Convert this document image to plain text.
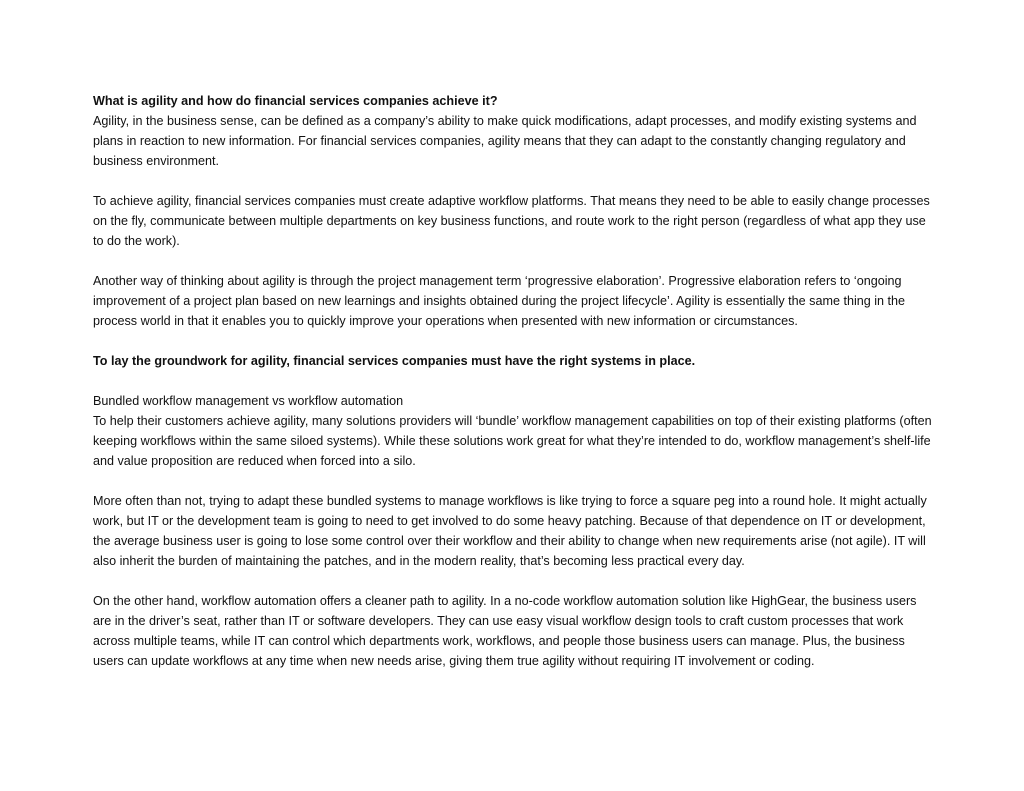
What is agility and how do financial services companies achieve it?

Agility, in the business sense, can be defined as a company’s ability to make quick modifications, adapt processes, and modify existing systems and plans in reaction to new information. For financial services companies, agility means that they can adapt to the constantly changing regulatory and business environment.

To achieve agility, financial services companies must create adaptive workflow platforms. That means they need to be able to easily change processes on the fly, communicate between multiple departments on key business functions, and route work to the right person (regardless of what app they use to do the work).

Another way of thinking about agility is through the project management term ‘progressive elaboration’. Progressive elaboration refers to ‘ongoing improvement of a project plan based on new learnings and insights obtained during the project lifecycle’. Agility is essentially the same thing in the process world in that it enables you to quickly improve your operations when presented with new information or circumstances.

To lay the groundwork for agility, financial services companies must have the right systems in place.

Bundled workflow management vs workflow automation

To help their customers achieve agility, many solutions providers will ‘bundle’ workflow management capabilities on top of their existing platforms (often keeping workflows within the same siloed systems). While these solutions work great for what they’re intended to do, workflow management’s shelf-life and value proposition are reduced when forced into a silo.

More often than not, trying to adapt these bundled systems to manage workflows is like trying to force a square peg into a round hole. It might actually work, but IT or the development team is going to need to get involved to do some heavy patching. Because of that dependence on IT or development, the average business user is going to lose some control over their workflow and their ability to change when new requirements arise (not agile). IT will also inherit the burden of maintaining the patches, and in the modern reality, that’s becoming less practical every day.

On the other hand, workflow automation offers a cleaner path to agility. In a no-code workflow automation solution like HighGear, the business users are in the driver’s seat, rather than IT or software developers. They can use easy visual workflow design tools to craft custom processes that work across multiple teams, while IT can control which departments work, workflows, and people those business users can manage. Plus, the business users can update workflows at any time when new needs arise, giving them true agility without requiring IT involvement or coding.
